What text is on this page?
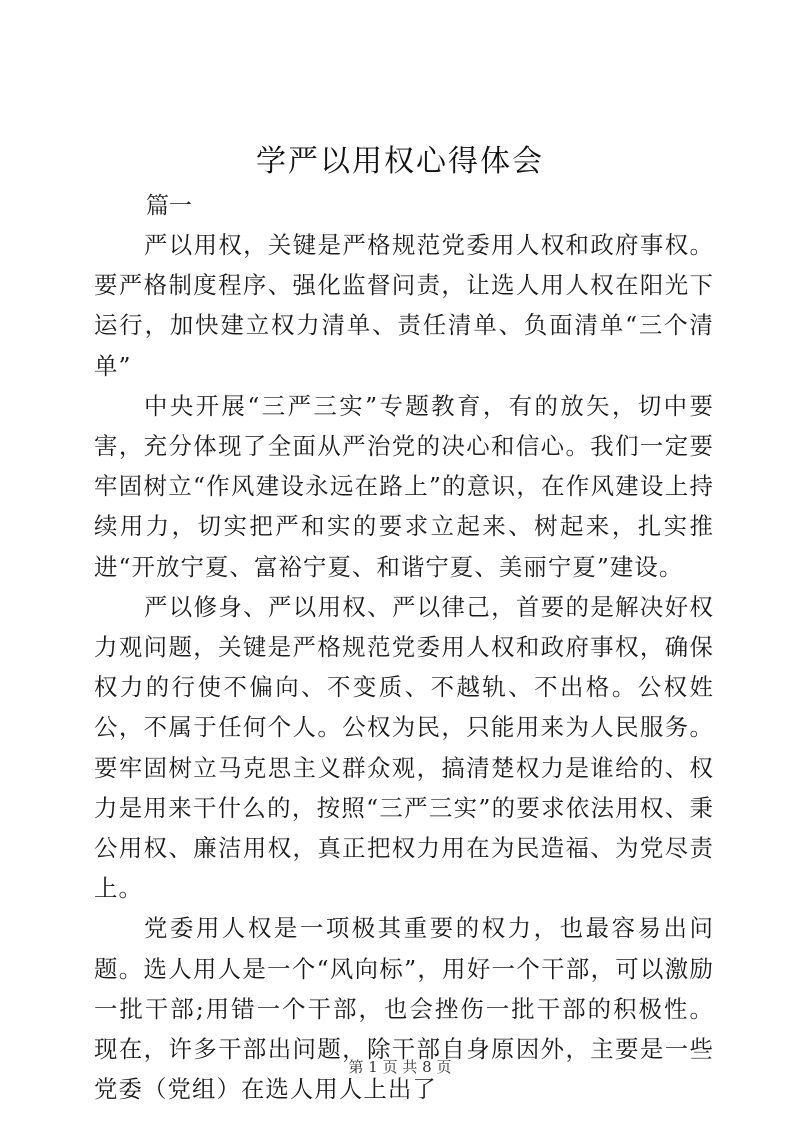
学严以用权心得体会
篇一

严以用权，关键是严格规范党委用人权和政府事权。要严格制度程序、强化监督问责，让选人用人权在阳光下运行，加快建立权力清单、责任清单、负面清单“三个清单”

中央开展“三严三实”专题教育，有的放矢，切中要害，充分体现了全面从严治党的决心和信心。我们一定要牢固树立“作风建设永远在路上”的意识，在作风建设上持续用力，切实把严和实的要求立起来、树起来，扎实推进“开放宁夏、富裕宁夏、和谐宁夏、美丽宁夏”建设。

严以修身、严以用权、严以律己，首要的是解决好权力观问题，关键是严格规范党委用人权和政府事权，确保权力的行使不偏向、不变质、不越轨、不出格。公权姓公，不属于任何个人。公权为民，只能用来为人民服务。要牢固树立马克思主义群众观，搞清楚权力是谁给的、权力是用来干什么的，按照“三严三实”的要求依法用权、秉公用权、廉洁用权，真正把权力用在为民造福、为党尽责上。

党委用人权是一项极其重要的权力，也最容易出问题。选人用人是一个“风向标”，用好一个干部，可以激励一批干部;用错一个干部，也会挫伤一批干部的积极性。现在，许多干部出问题，除干部自身原因外，主要是一些党委（党组）在选人用人上出了

第 1 页 共 8 页
